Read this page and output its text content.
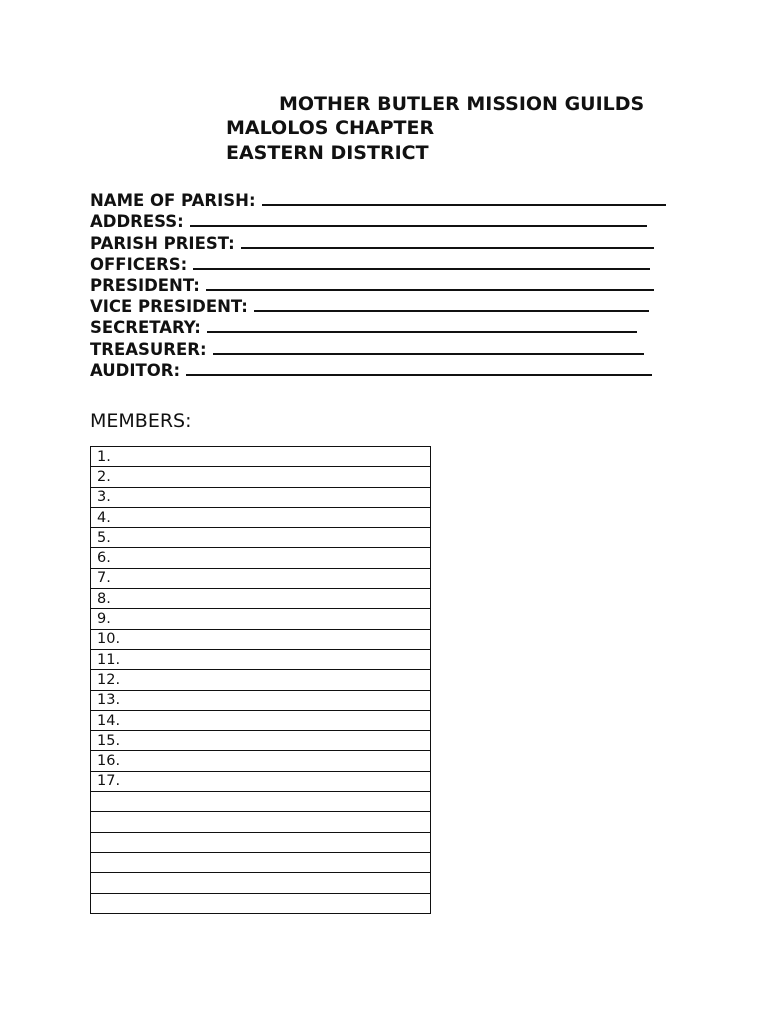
MOTHER BUTLER MISSION GUILDS
MALOLOS CHAPTER
EASTERN DISTRICT
NAME OF PARISH:
ADDRESS:
PARISH PRIEST:
OFFICERS:
PRESIDENT:
VICE PRESIDENT:
SECRETARY:
TREASURER:
AUDITOR:
MEMBERS:
1.
2.
3.
4.
5.
6.
7.
8.
9.
10.
11.
12.
13.
14.
15.
16.
17.
